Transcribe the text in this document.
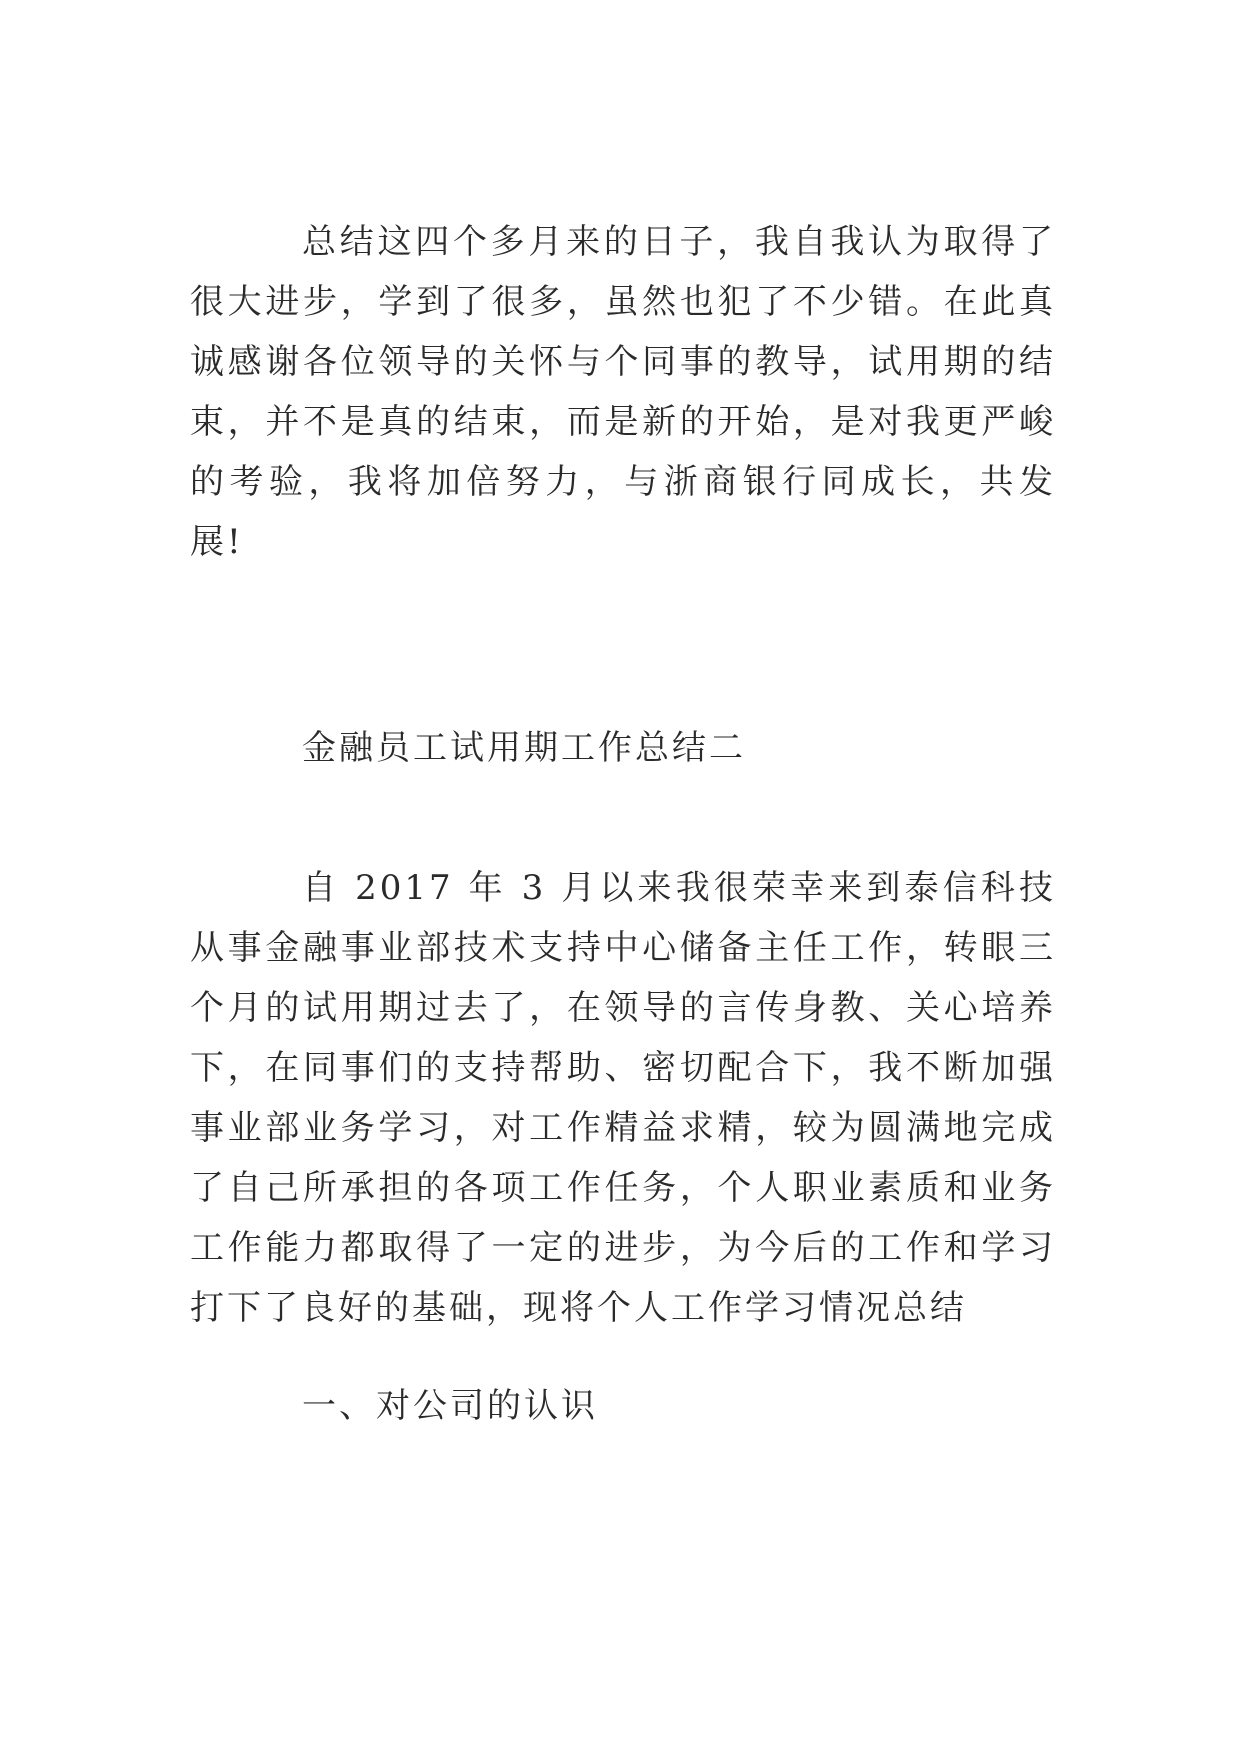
总结这四个多月来的日子，我自我认为取得了很大进步，学到了很多，虽然也犯了不少错。在此真诚感谢各位领导的关怀与个同事的教导，试用期的结束，并不是真的结束，而是新的开始，是对我更严峻的考验，我将加倍努力，与浙商银行同成长，共发展!

金融员工试用期工作总结二

自 2017 年 3 月以来我很荣幸来到泰信科技从事金融事业部技术支持中心储备主任工作，转眼三个月的试用期过去了，在领导的言传身教、关心培养下，在同事们的支持帮助、密切配合下，我不断加强事业部业务学习，对工作精益求精，较为圆满地完成了自己所承担的各项工作任务，个人职业素质和业务工作能力都取得了一定的进步，为今后的工作和学习打下了良好的基础，现将个人工作学习情况总结

一、对公司的认识
